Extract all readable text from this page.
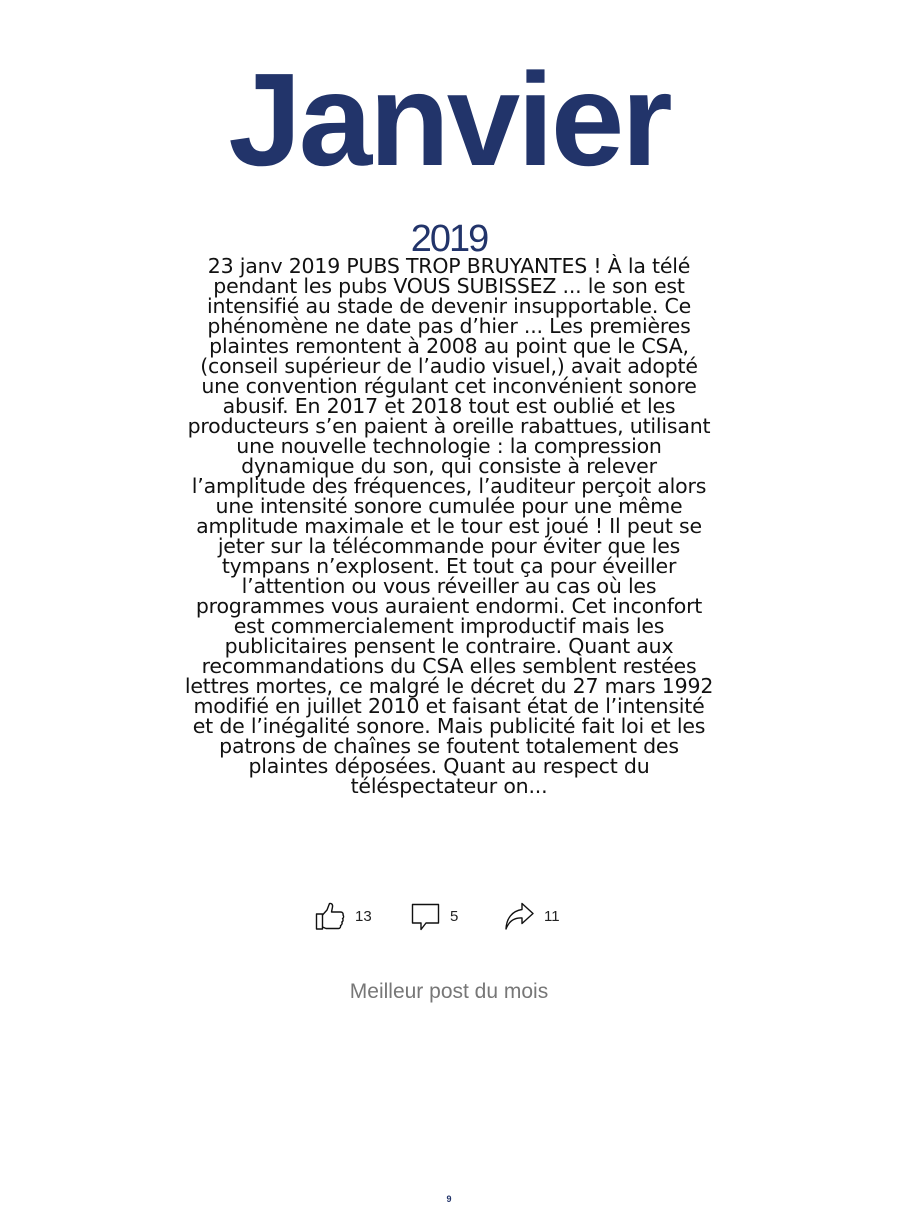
Janvier
2019

23 janv 2019 PUBS TROP BRUYANTES ! À la télé pendant les pubs VOUS SUBISSEZ ... le son est intensifié au stade de devenir insupportable. Ce phénomène ne date pas d’hier ... Les premières plaintes remontent à 2008 au point que le CSA, (conseil supérieur de l’audio visuel,) avait adopté une convention régulant cet inconvénient sonore abusif. En 2017 et 2018 tout est oublié et les producteurs s’en paient à oreille rabattues, utilisant une nouvelle technologie : la compression dynamique du son, qui consiste à relever l’amplitude des fréquences, l’auditeur perçoit alors une intensité sonore cumulée pour une même amplitude maximale et le tour est joué ! Il peut se jeter sur la télécommande pour éviter que les tympans n’explosent. Et tout ça pour éveiller l’attention ou vous réveiller au cas où les programmes vous auraient endormi. Cet inconfort est commercialement improductif mais les publicitaires pensent le contraire. Quant aux recommandations du CSA elles semblent restées lettres mortes, ce malgré le décret du 27 mars 1992 modifié en juillet 2010 et faisant état de l’intensité et de l’inégalité sonore. Mais publicité fait loi et les patrons de chaînes se foutent totalement des plaintes déposées. Quant au respect du téléspectateur on...

13	5	11
Meilleur post du mois
9
